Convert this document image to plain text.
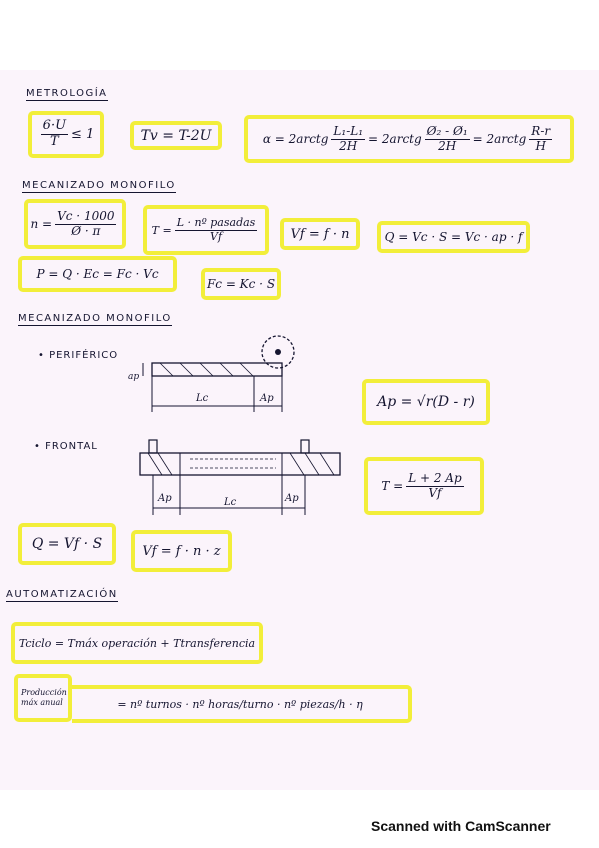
METROLOGÍA
$\frac{6\cdot U}{T} \le 1$	Tv = T-2U	α = 2arctg $\frac{\text{L₁-L₁}}{2H}$ = 2arctg $\frac{\text{Ø₂ - Ø₁}}{2H}$ = 2arctg $\frac{R-r}{H}$
MECANIZADO MONOFILO
$n = \frac{Vc \cdot 1000}{Ø \cdot \pi}$	$T = \frac{\text{L · nº pasadas}}{Vf}$	Vf = f · n	Q = Vc · S = Vc · ap · f
P = Q · Ec = Fc · Vc
Fc = Kc · S
MECANIZADO MONOFILO
• PERIFÉRICO
ap
Lc	Ap	Ap = √r(D - r)
• FRONTAL
Ap	Lc	Ap
$T = \frac{L + 2 Ap}{Vf}$
Q = Vf · S	Vf = f · n · z
AUTOMATIZACIÓN
Tciclo = Tmáx operación + Ttransferencia
Producción máx anual	= nº turnos · nº horas/turno · nº piezas/h · η
Scanned with CamScanner
